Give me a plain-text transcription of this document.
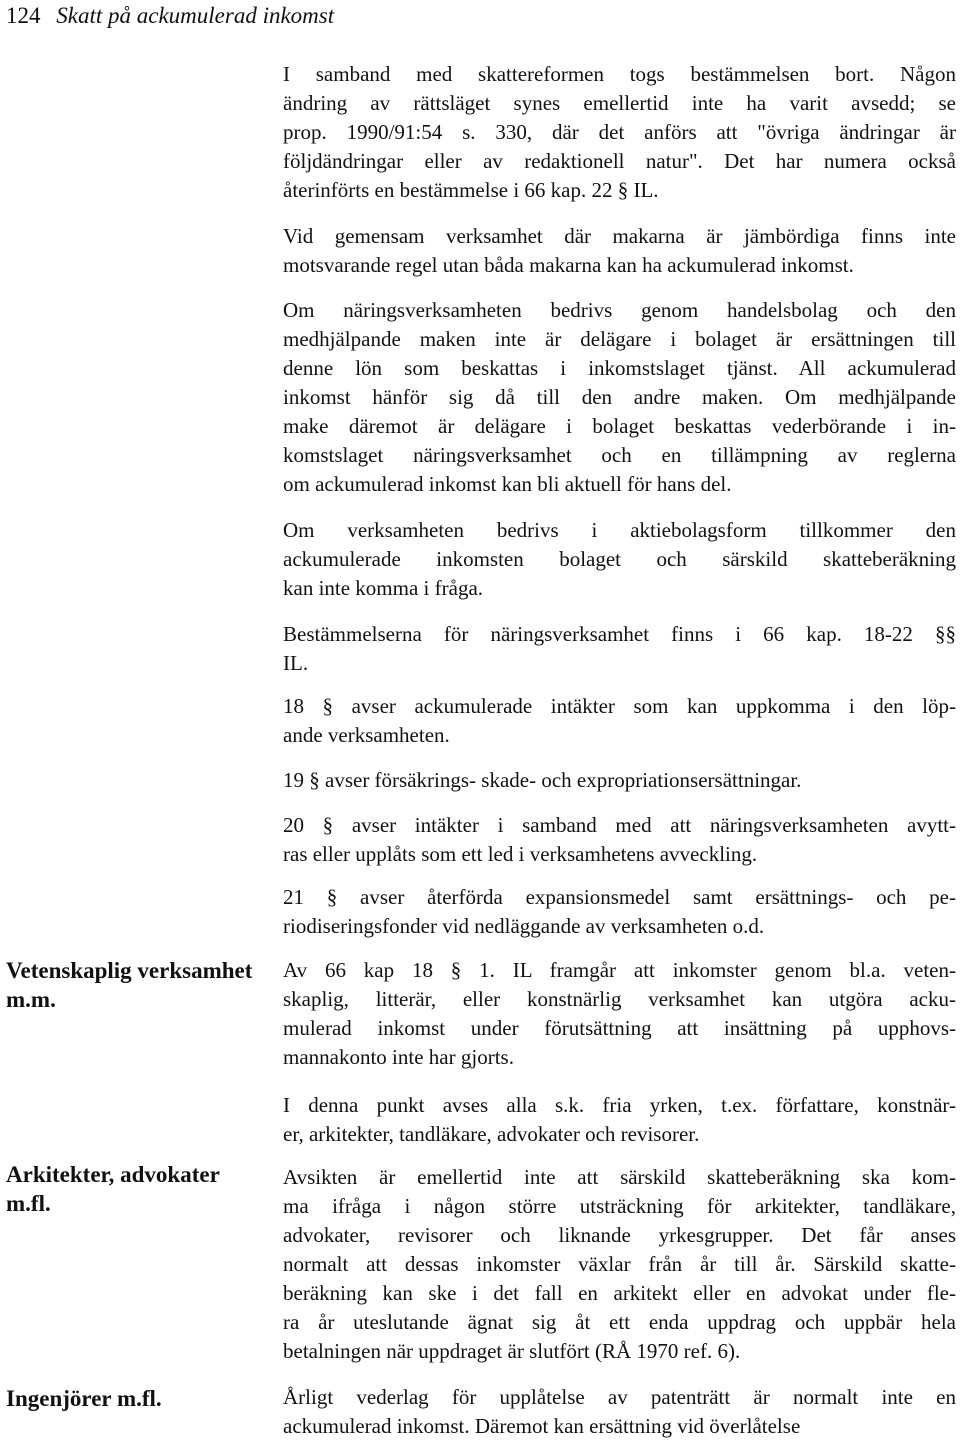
124 Skatt på ackumulerad inkomst
Vetenskaplig verksamhet m.m.
Arkitekter, advokater m.fl.
Ingenjörer m.fl.
I samband med skattereformen togs bestämmelsen bort. Någon
ändring av rättsläget synes emellertid inte ha varit avsedd; se
prop. 1990/91:54 s. 330, där det anförs att "övriga ändringar är
följdändringar eller av redaktionell natur". Det har numera också
återinförts en bestämmelse i 66 kap. 22 § IL.
Vid gemensam verksamhet där makarna är jämbördiga finns inte
motsvarande regel utan båda makarna kan ha ackumulerad inkomst.
Om näringsverksamheten bedrivs genom handelsbolag och den
medhjälpande maken inte är delägare i bolaget är ersättningen till
denne lön som beskattas i inkomstslaget tjänst. All ackumulerad
inkomst hänför sig då till den andre maken. Om medhjälpande
make däremot är delägare i bolaget beskattas vederbörande i in-
komstslaget näringsverksamhet och en tillämpning av reglerna
om ackumulerad inkomst kan bli aktuell för hans del.
Om verksamheten bedrivs i aktiebolagsform tillkommer den
ackumulerade inkomsten bolaget och särskild skatteberäkning
kan inte komma i fråga.
Bestämmelserna för näringsverksamhet finns i 66 kap. 18-22 §§
IL.
18 § avser ackumulerade intäkter som kan uppkomma i den löp-
ande verksamheten.
19 § avser försäkrings- skade- och expropriationsersättningar.
20 § avser intäkter i samband med att näringsverksamheten avytt-
ras eller upplåts som ett led i verksamhetens avveckling.
21 § avser återförda expansionsmedel samt ersättnings- och pe-
riodiseringsfonder vid nedläggande av verksamheten o.d.
Av 66 kap 18 § 1. IL framgår att inkomster genom bl.a. veten-
skaplig, litterär, eller konstnärlig verksamhet kan utgöra acku-
mulerad inkomst under förutsättning att insättning på upphovs-
mannakonto inte har gjorts.
I denna punkt avses alla s.k. fria yrken, t.ex. författare, konstnär-
er, arkitekter, tandläkare, advokater och revisorer.
Avsikten är emellertid inte att särskild skatteberäkning ska kom-
ma ifråga i någon större utsträckning för arkitekter, tandläkare,
advokater, revisorer och liknande yrkesgrupper. Det får anses
normalt att dessas inkomster växlar från år till år. Särskild skatte-
beräkning kan ske i det fall en arkitekt eller en advokat under fle-
ra år uteslutande ägnat sig åt ett enda uppdrag och uppbär hela
betalningen när uppdraget är slutfört (RÅ 1970 ref. 6).
Årligt vederlag för upplåtelse av patenträtt är normalt inte en
ackumulerad inkomst. Däremot kan ersättning vid överlåtelse
